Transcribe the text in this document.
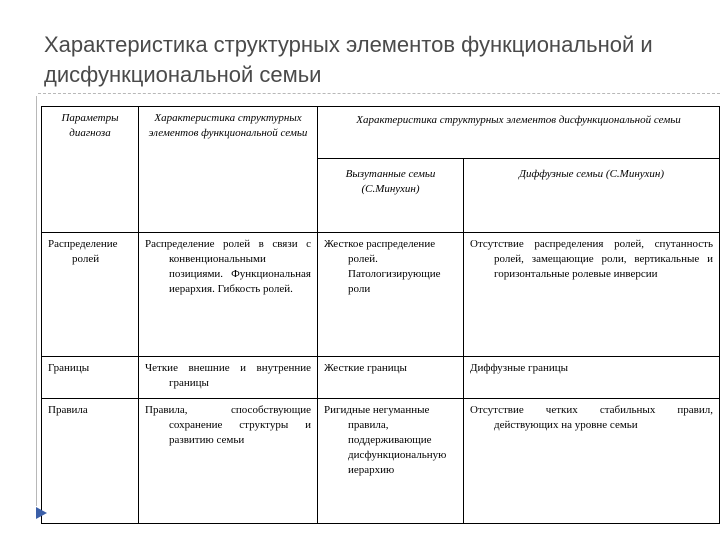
Характеристика структурных элементов функциональной и дисфункциональной семьи
Параметры диагноза	Характеристика структурных элементов функциональной семьи	Характеристика структурных элементов дисфункциональной семьи	
		Вызутанные семьи (С.Минухин)	Диффузные семьи (С.Минухин)
Распределение ролей	Распределение ролей в связи с конвенциональными позициями. Функциональная иерархия. Гибкость ролей.	Жесткое распределение ролей. Патологизирующие роли	Отсутствие распределения ролей, спутанность ролей, замещающие роли, вертикальные и горизонтальные ролевые инверсии
Границы	Четкие внешние и внутренние границы	Жесткие границы	Диффузные границы
Правила	Правила, способствующие сохранение структуры и развитию семьи	Ригидные негуманные правила, поддерживающие дисфункциональную иерархию	Отсутствие четких стабильных правил, действующих на уровне семьи
